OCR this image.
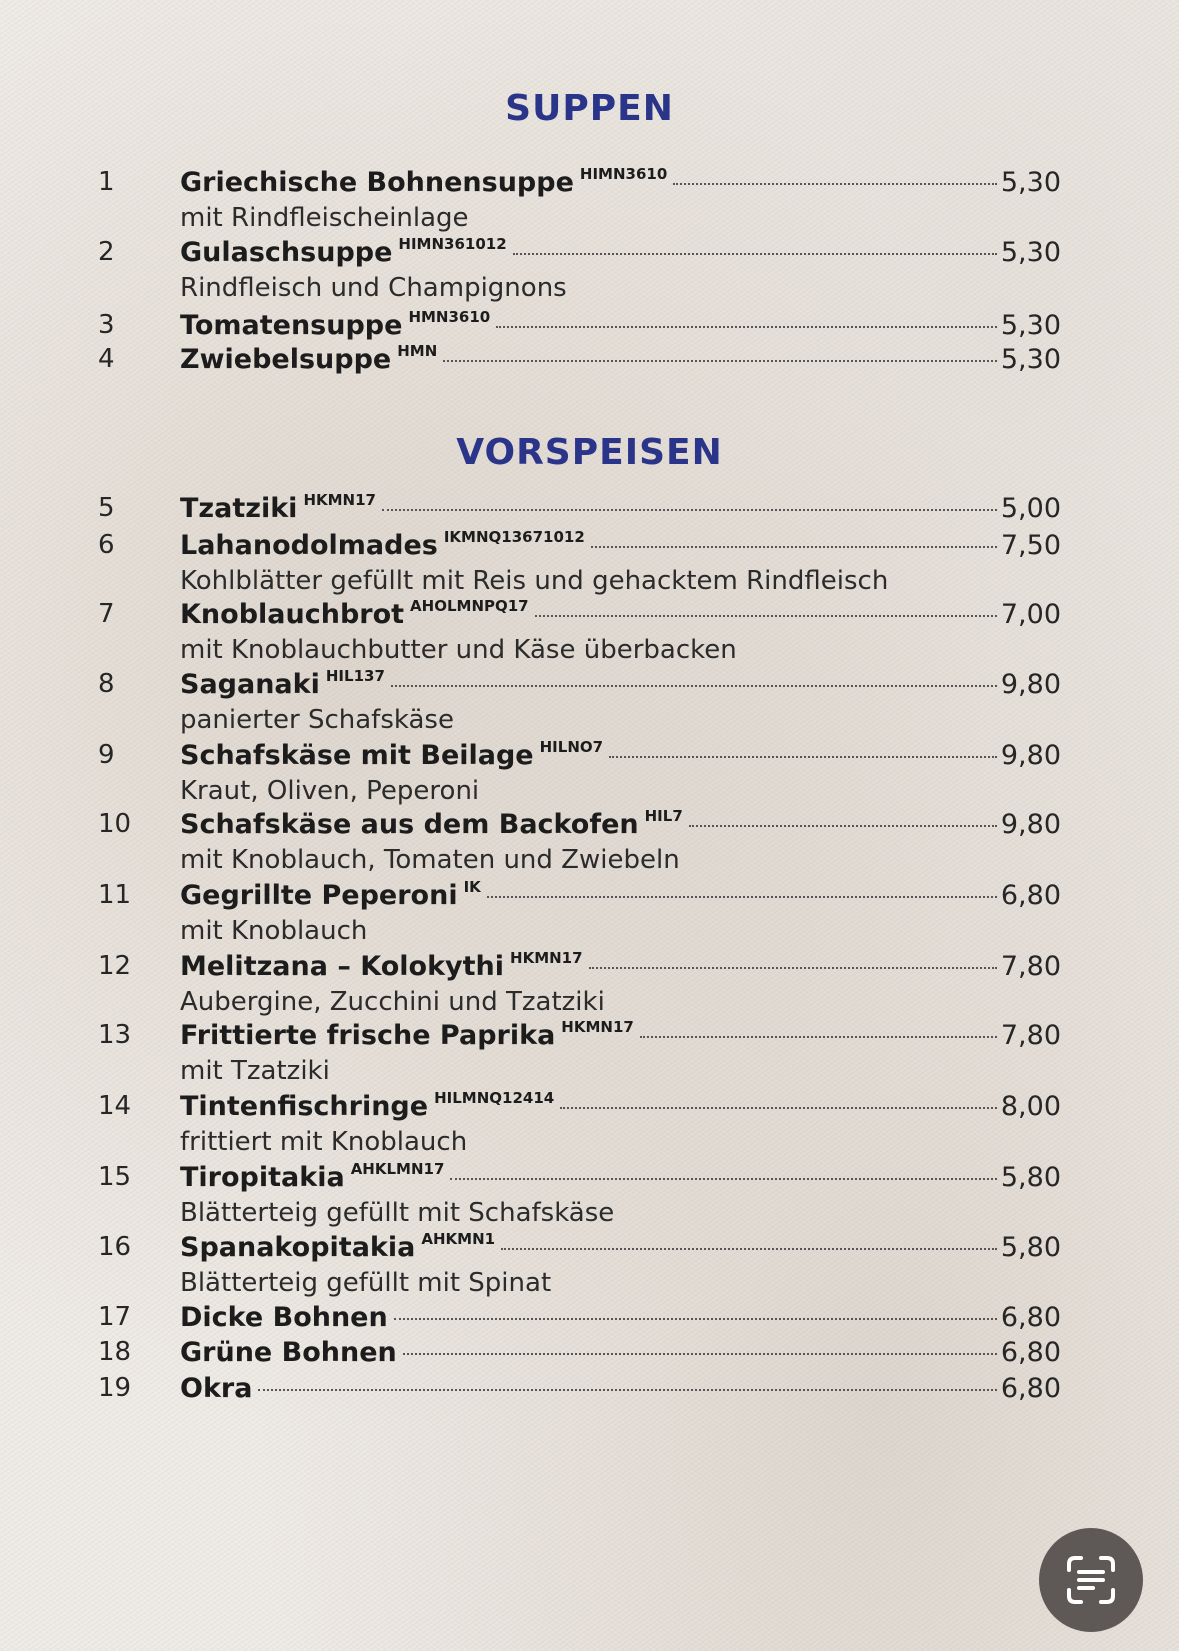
SUPPEN
VORSPEISEN
1 Griechische Bohnensuppe HIMN3610	5,30
mit Rindfleischeinlage
2 Gulaschsuppe HIMN361012	5,30
Rindfleisch und Champignons
3 Tomatensuppe HMN3610	5,30
4 Zwiebelsuppe HMN	5,30
5 Tzatziki HKMN17	5,00
6 Lahanodolmades IKMNQ13671012	7,50
Kohlblätter gefüllt mit Reis und gehacktem Rindfleisch
7 Knoblauchbrot AHOLMNPQ17	7,00
mit Knoblauchbutter und Käse überbacken
8 Saganaki HIL137	9,80
panierter Schafskäse
9 Schafskäse mit Beilage HILNO7	9,80
Kraut, Oliven, Peperoni
10 Schafskäse aus dem Backofen HIL7	9,80
mit Knoblauch, Tomaten und Zwiebeln
11 Gegrillte Peperoni IK	6,80
mit Knoblauch
12 Melitzana – Kolokythi HKMN17	7,80
Aubergine, Zucchini und Tzatziki
13 Frittierte frische Paprika HKMN17	7,80
mit Tzatziki
14 Tintenfischringe HILMNQ12414	8,00
frittiert mit Knoblauch
15 Tiropitakia AHKLMN17	5,80
Blätterteig gefüllt mit Schafskäse
16 Spanakopitakia AHKMN1	5,80
Blätterteig gefüllt mit Spinat
17 Dicke Bohnen	6,80
18 Grüne Bohnen	6,80
19 Okra	6,80
